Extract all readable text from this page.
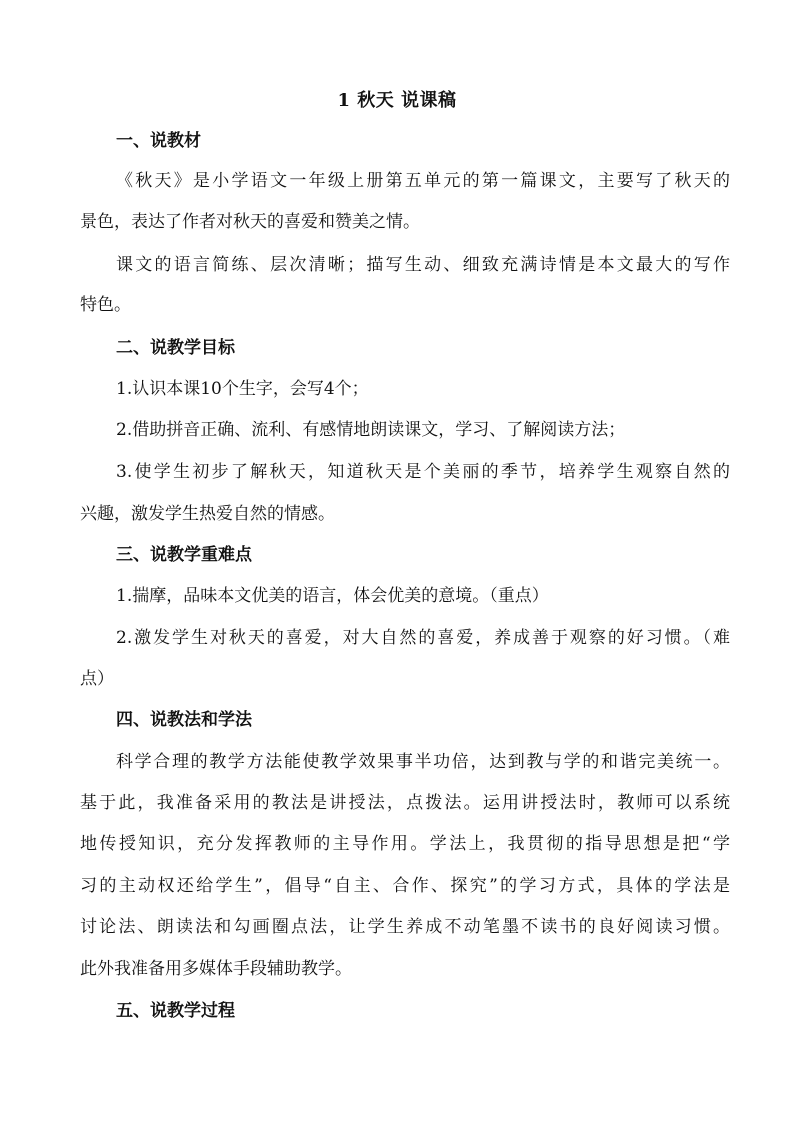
1 秋天 说课稿
一、说教材
《秋天》是小学语文一年级上册第五单元的第一篇课文，主要写了秋天的
景色，表达了作者对秋天的喜爱和赞美之情。
课文的语言简练、层次清晰；描写生动、细致充满诗情是本文最大的写作
特色。
二、说教学目标
1.认识本课10个生字，会写4个；
2.借助拼音正确、流利、有感情地朗读课文，学习、了解阅读方法；
3.使学生初步了解秋天，知道秋天是个美丽的季节，培养学生观察自然的
兴趣，激发学生热爱自然的情感。
三、说教学重难点
1.揣摩，品味本文优美的语言，体会优美的意境。（重点）
2.激发学生对秋天的喜爱，对大自然的喜爱，养成善于观察的好习惯。（难
点）
四、说教法和学法
科学合理的教学方法能使教学效果事半功倍，达到教与学的和谐完美统一。
基于此，我准备采用的教法是讲授法，点拨法。运用讲授法时，教师可以系统
地传授知识，充分发挥教师的主导作用。学法上，我贯彻的指导思想是把“学
习的主动权还给学生”，倡导“自主、合作、探究”的学习方式，具体的学法是
讨论法、朗读法和勾画圈点法，让学生养成不动笔墨不读书的良好阅读习惯。
此外我准备用多媒体手段辅助教学。
五、说教学过程
